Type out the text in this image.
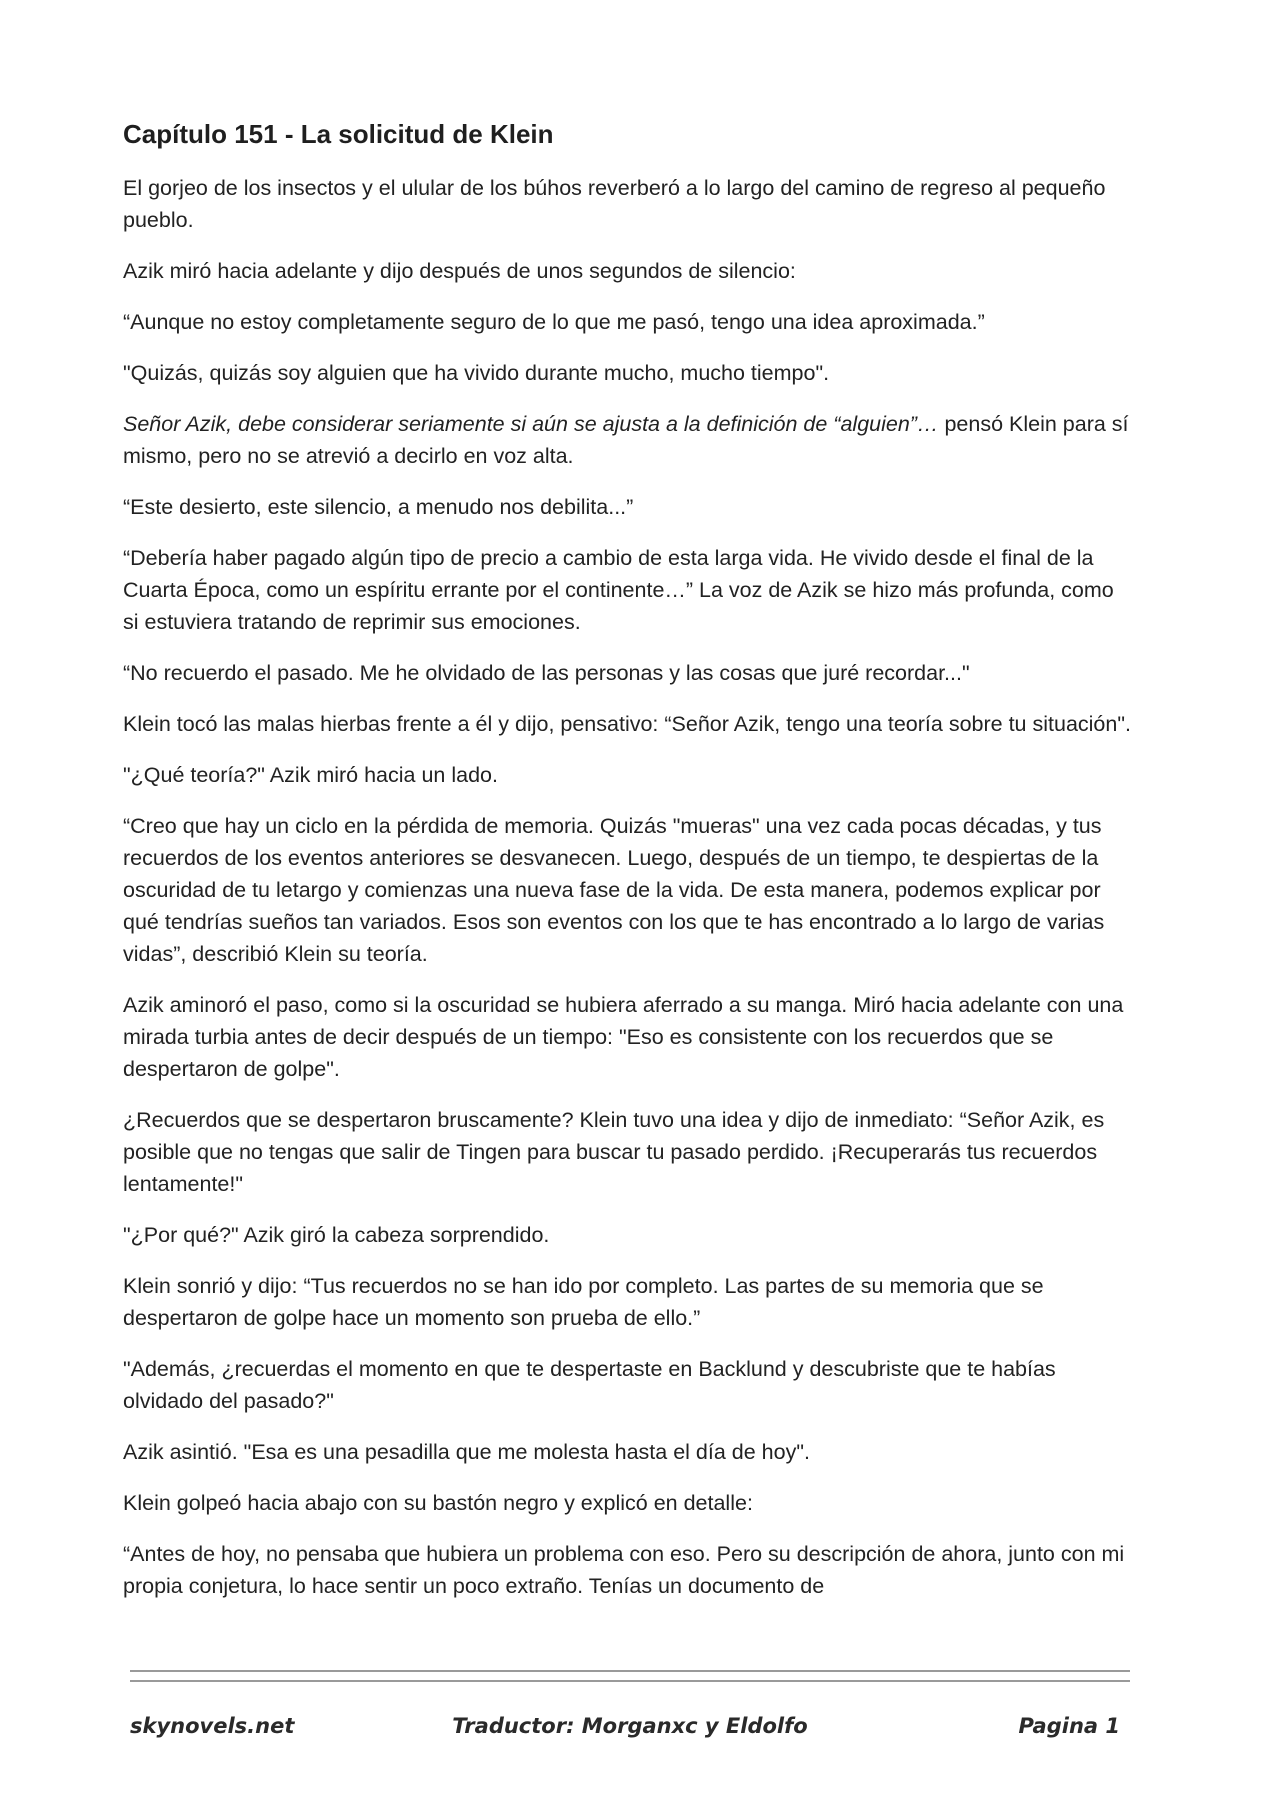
Capítulo 151 - La solicitud de Klein

El gorjeo de los insectos y el ulular de los búhos reverberó a lo largo del camino de regreso al pequeño pueblo.

Azik miró hacia adelante y dijo después de unos segundos de silencio:

“Aunque no estoy completamente seguro de lo que me pasó, tengo una idea aproximada.”

"Quizás, quizás soy alguien que ha vivido durante mucho, mucho tiempo".

Señor Azik, debe considerar seriamente si aún se ajusta a la definición de “alguien”… pensó Klein para sí mismo, pero no se atrevió a decirlo en voz alta.

“Este desierto, este silencio, a menudo nos debilita...”

“Debería haber pagado algún tipo de precio a cambio de esta larga vida. He vivido desde el final de la Cuarta Época, como un espíritu errante por el continente…” La voz de Azik se hizo más profunda, como si estuviera tratando de reprimir sus emociones.

“No recuerdo el pasado. Me he olvidado de las personas y las cosas que juré recordar..."

Klein tocó las malas hierbas frente a él y dijo, pensativo: “Señor Azik, tengo una teoría sobre tu situación".

"¿Qué teoría?" Azik miró hacia un lado.

“Creo que hay un ciclo en la pérdida de memoria. Quizás "mueras" una vez cada pocas décadas, y tus recuerdos de los eventos anteriores se desvanecen. Luego, después de un tiempo, te despiertas de la oscuridad de tu letargo y comienzas una nueva fase de la vida. De esta manera, podemos explicar por qué tendrías sueños tan variados. Esos son eventos con los que te has encontrado a lo largo de varias vidas”, describió Klein su teoría.

Azik aminoró el paso, como si la oscuridad se hubiera aferrado a su manga. Miró hacia adelante con una mirada turbia antes de decir después de un tiempo: "Eso es consistente con los recuerdos que se despertaron de golpe".

¿Recuerdos que se despertaron bruscamente? Klein tuvo una idea y dijo de inmediato: “Señor Azik, es posible que no tengas que salir de Tingen para buscar tu pasado perdido. ¡Recuperarás tus recuerdos lentamente!"

"¿Por qué?" Azik giró la cabeza sorprendido.

Klein sonrió y dijo: “Tus recuerdos no se han ido por completo. Las partes de su memoria que se despertaron de golpe hace un momento son prueba de ello.”

"Además, ¿recuerdas el momento en que te despertaste en Backlund y descubriste que te habías olvidado del pasado?"

Azik asintió. "Esa es una pesadilla que me molesta hasta el día de hoy".

Klein golpeó hacia abajo con su bastón negro y explicó en detalle:

“Antes de hoy, no pensaba que hubiera un problema con eso. Pero su descripción de ahora, junto con mi propia conjetura, lo hace sentir un poco extraño. Tenías un documento de

skynovels.net	Traductor: Morganxc y Eldolfo	Pagina 1
